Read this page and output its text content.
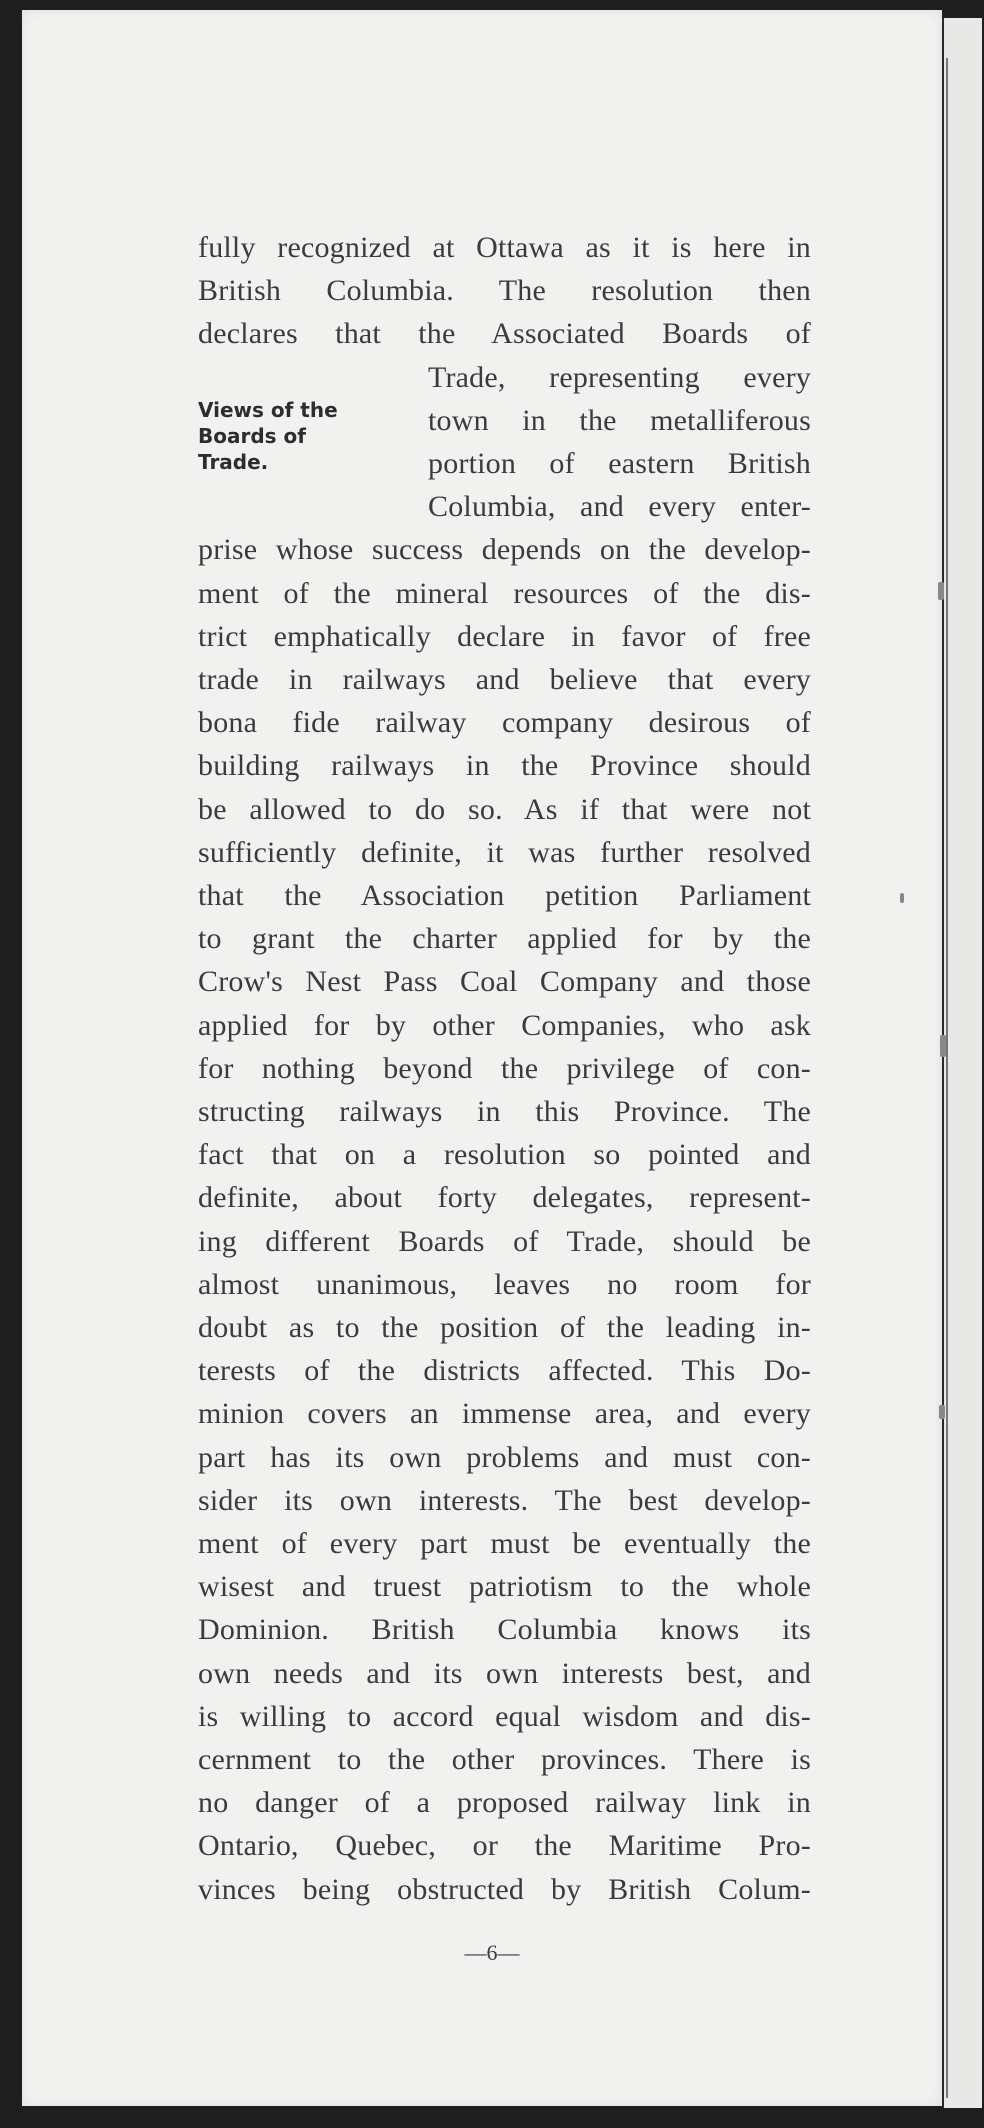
Views of the
Boards of
Trade.
fully recognized at Ottawa as it is here in
British Columbia. The resolution then
declares that the Associated Boards of
Trade, representing every
town in the metalliferous
portion of eastern British
Columbia, and every enter-
prise whose success depends on the develop-
ment of the mineral resources of the dis-
trict emphatically declare in favor of free
trade in railways and believe that every
bona fide railway company desirous of
building railways in the Province should
be allowed to do so. As if that were not
sufficiently definite, it was further resolved
that the Association petition Parliament
to grant the charter applied for by the
Crow's Nest Pass Coal Company and those
applied for by other Companies, who ask
for nothing beyond the privilege of con-
structing railways in this Province. The
fact that on a resolution so pointed and
definite, about forty delegates, represent-
ing different Boards of Trade, should be
almost unanimous, leaves no room for
doubt as to the position of the leading in-
terests of the districts affected. This Do-
minion covers an immense area, and every
part has its own problems and must con-
sider its own interests. The best develop-
ment of every part must be eventually the
wisest and truest patriotism to the whole
Dominion. British Columbia knows its
own needs and its own interests best, and
is willing to accord equal wisdom and dis-
cernment to the other provinces. There is
no danger of a proposed railway link in
Ontario, Quebec, or the Maritime Pro-
vinces being obstructed by British Colum-
—6—
